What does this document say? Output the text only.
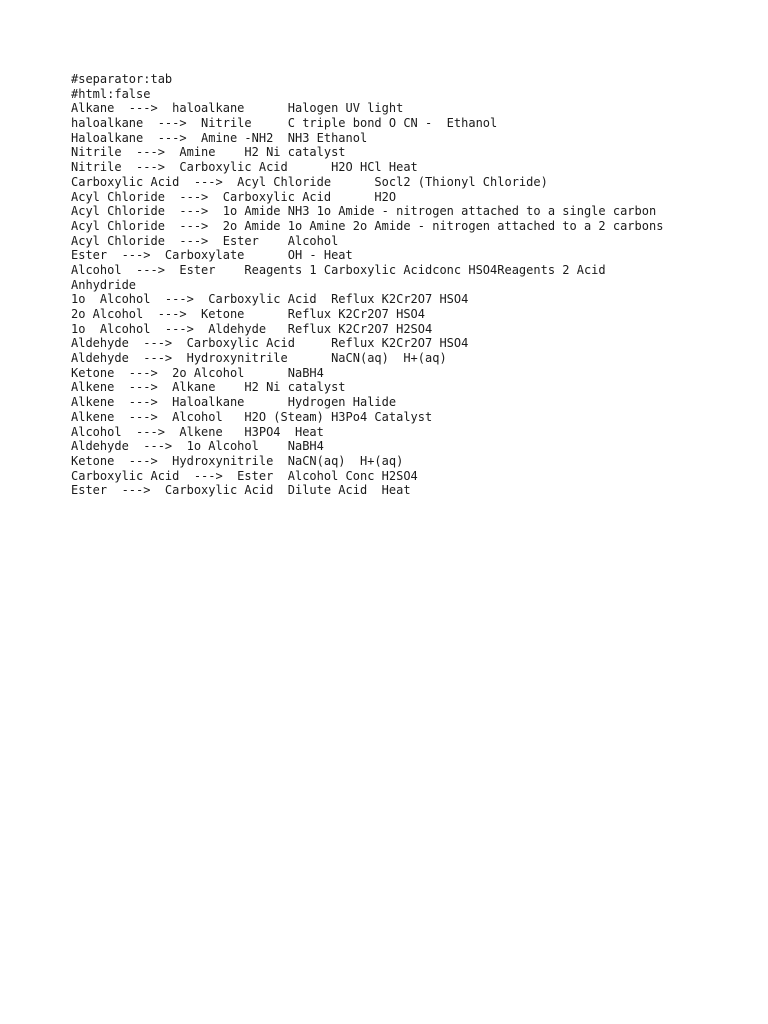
#separator:tab

#html:false

Alkane  --->  haloalkane      Halogen UV light

haloalkane  --->  Nitrile     C triple bond O CN -  Ethanol

Haloalkane  --->  Amine -NH2  NH3 Ethanol

Nitrile  --->  Amine    H2 Ni catalyst

Nitrile  --->  Carboxylic Acid      H2O HCl Heat

Carboxylic Acid  --->  Acyl Chloride      Socl2 (Thionyl Chloride)

Acyl Chloride  --->  Carboxylic Acid      H2O

Acyl Chloride  --->  1o Amide NH3 1o Amide - nitrogen attached to a single carbon

Acyl Chloride  --->  2o Amide 1o Amine 2o Amide - nitrogen attached to a 2 carbons

Acyl Chloride  --->  Ester    Alcohol

Ester  --->  Carboxylate      OH - Heat

Alcohol  --->  Ester    Reagents 1 Carboxylic Acidconc HSO4Reagents 2 Acid

Anhydride

1o  Alcohol  --->  Carboxylic Acid  Reflux K2Cr2O7 HSO4

2o Alcohol  --->  Ketone      Reflux K2Cr2O7 HSO4

1o  Alcohol  --->  Aldehyde   Reflux K2Cr2O7 H2SO4

Aldehyde  --->  Carboxylic Acid     Reflux K2Cr2O7 HSO4

Aldehyde  --->  Hydroxynitrile      NaCN(aq)  H+(aq)

Ketone  --->  2o Alcohol      NaBH4

Alkene  --->  Alkane    H2 Ni catalyst

Alkene  --->  Haloalkane      Hydrogen Halide

Alkene  --->  Alcohol   H2O (Steam) H3Po4 Catalyst

Alcohol  --->  Alkene   H3PO4  Heat

Aldehyde  --->  1o Alcohol    NaBH4

Ketone  --->  Hydroxynitrile  NaCN(aq)  H+(aq)

Carboxylic Acid  --->  Ester  Alcohol Conc H2SO4

Ester  --->  Carboxylic Acid  Dilute Acid  Heat
